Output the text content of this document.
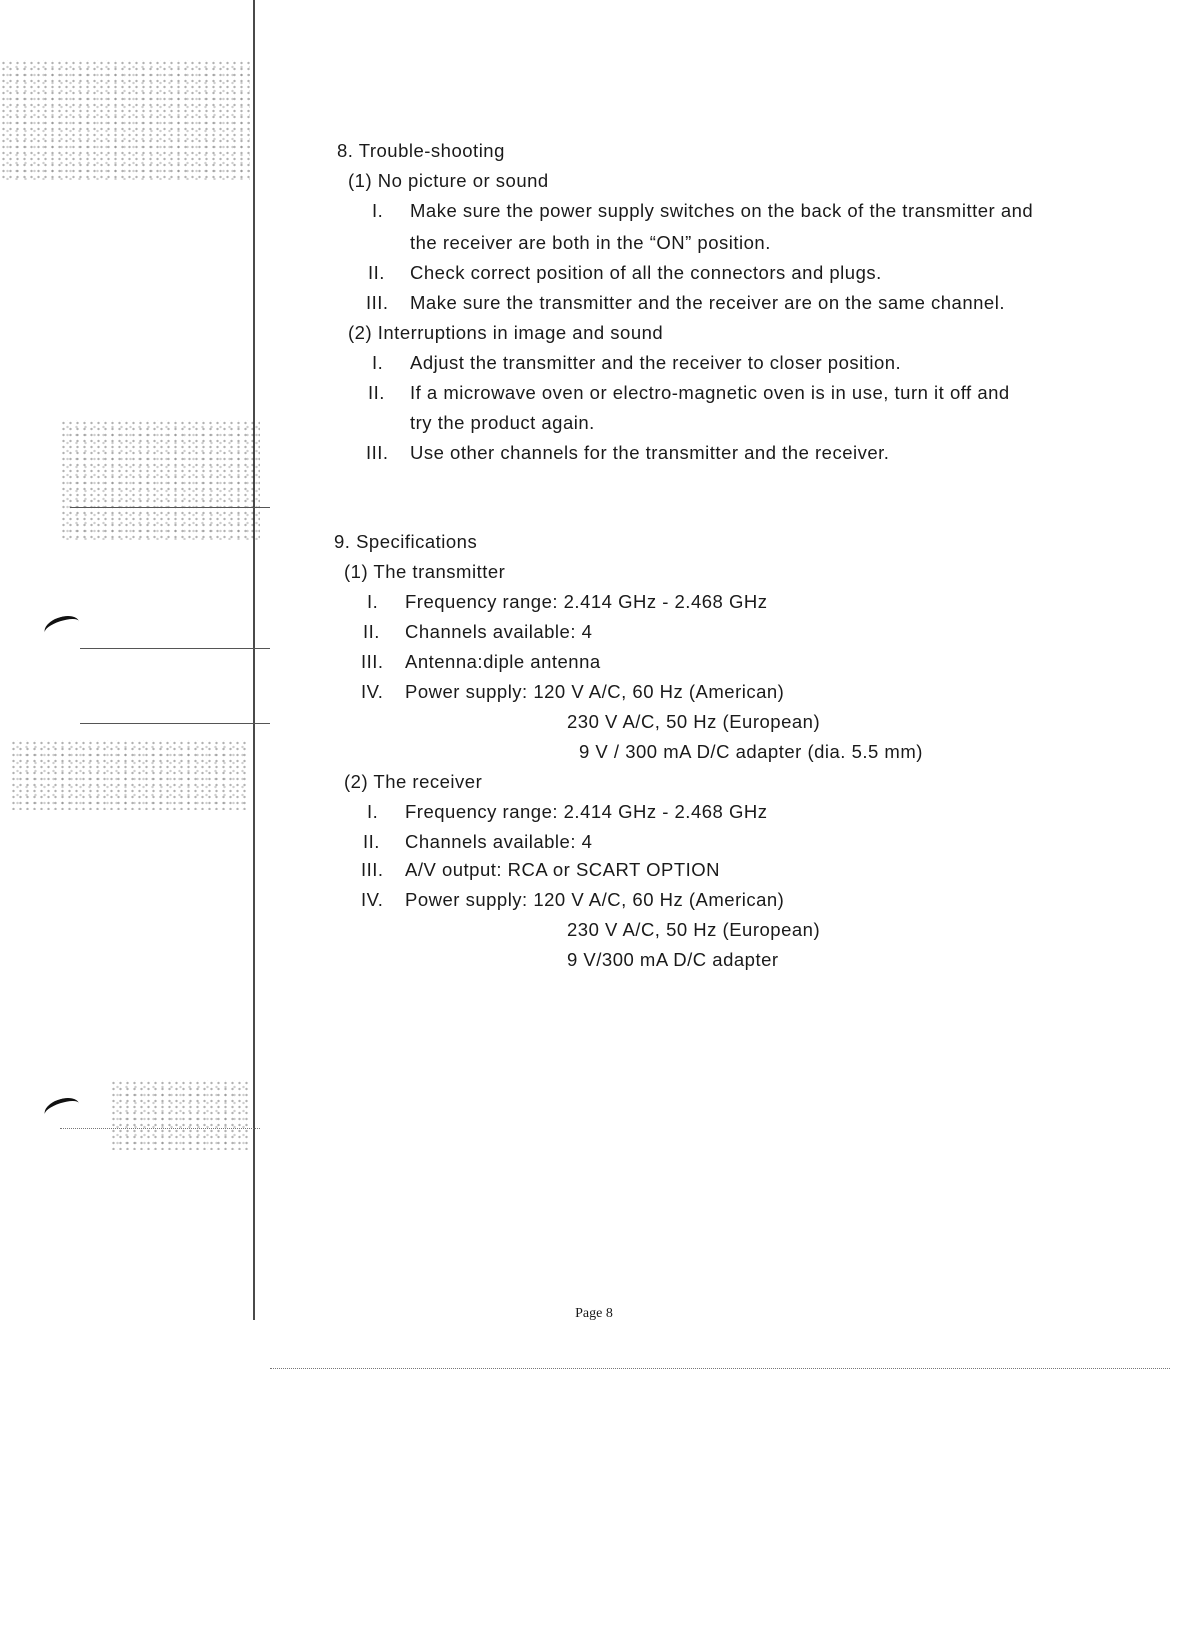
8. Trouble-shooting
(1) No picture or sound
I. Make sure the power supply switches on the back of the transmitter and
the receiver are both in the “ON” position.
II. Check correct position of all the connectors and plugs.
III. Make sure the transmitter and the receiver are on the same channel.
(2) Interruptions in image and sound
I. Adjust the transmitter and the receiver to closer position.
II. If a microwave oven or electro-magnetic oven is in use, turn it off and
try the product again.
III. Use other channels for the transmitter and the receiver.
9. Specifications
(1) The transmitter
I. Frequency range: 2.414 GHz - 2.468 GHz
II. Channels available: 4
III. Antenna:diple antenna
IV. Power supply: 120 V A/C, 60 Hz (American)
230 V A/C, 50 Hz (European)
9 V / 300 mA D/C adapter (dia. 5.5 mm)
(2) The receiver
I. Frequency range: 2.414 GHz - 2.468 GHz
II. Channels available: 4
III. A/V output: RCA or SCART OPTION
IV. Power supply: 120 V A/C, 60 Hz (American)
230 V A/C, 50 Hz (European)
9 V/300 mA D/C adapter
Page 8
